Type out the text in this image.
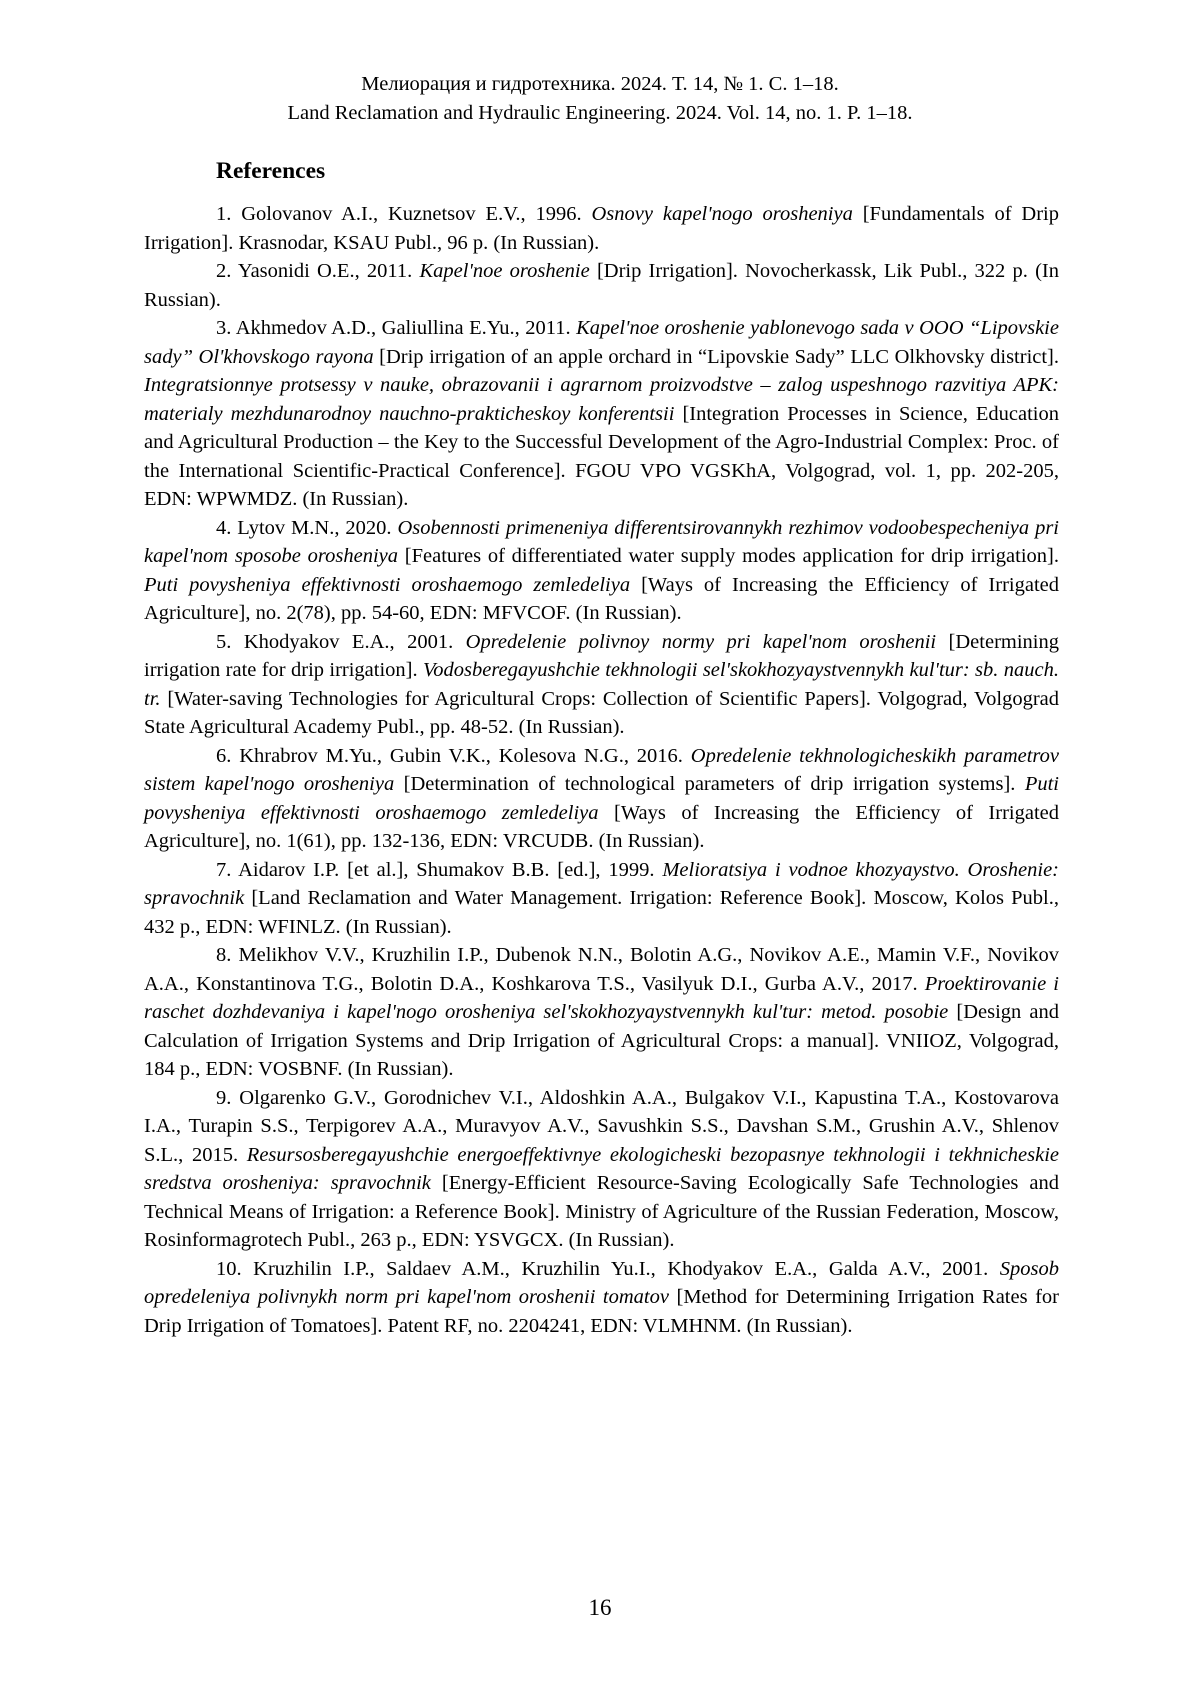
Мелиорация и гидротехника. 2024. Т. 14, № 1. С. 1–18.
Land Reclamation and Hydraulic Engineering. 2024. Vol. 14, no. 1. P. 1–18.
References

1. Golovanov A.I., Kuznetsov E.V., 1996. Osnovy kapel'nogo orosheniya [Fundamentals of Drip Irrigation]. Krasnodar, KSAU Publ., 96 p. (In Russian).

2. Yasonidi O.E., 2011. Kapel'noe oroshenie [Drip Irrigation]. Novocherkassk, Lik Publ., 322 p. (In Russian).

3. Akhmedov A.D., Galiullina E.Yu., 2011. Kapel'noe oroshenie yablonevogo sada v OOO “Lipovskie sady” Ol'khovskogo rayona [Drip irrigation of an apple orchard in “Lipovskie Sady” LLC Olkhovsky district]. Integratsionnye protsessy v nauke, obrazovanii i agrarnom proizvodstve – zalog uspeshnogo razvitiya APK: materialy mezhdunarodnoy nauchno-prakticheskoy konferentsii [Integration Processes in Science, Education and Agricultural Production – the Key to the Successful Development of the Agro-Industrial Complex: Proc. of the International Scientific-Practical Conference]. FGOU VPO VGSKhA, Volgograd, vol. 1, pp. 202-205, EDN: WPWMDZ. (In Russian).

4. Lytov M.N., 2020. Osobennosti primeneniya differentsirovannykh rezhimov vodoobespecheniya pri kapel'nom sposobe orosheniya [Features of differentiated water supply modes application for drip irrigation]. Puti povysheniya effektivnosti oroshaemogo zemledeliya [Ways of Increasing the Efficiency of Irrigated Agriculture], no. 2(78), pp. 54-60, EDN: MFVCOF. (In Russian).

5. Khodyakov E.A., 2001. Opredelenie polivnoy normy pri kapel'nom oroshenii [Determining irrigation rate for drip irrigation]. Vodosberegayushchie tekhnologii sel'skokhozyaystvennykh kul'tur: sb. nauch. tr. [Water-saving Technologies for Agricultural Crops: Collection of Scientific Papers]. Volgograd, Volgograd State Agricultural Academy Publ., pp. 48-52. (In Russian).

6. Khrabrov M.Yu., Gubin V.K., Kolesova N.G., 2016. Opredelenie tekhnologicheskikh parametrov sistem kapel'nogo orosheniya [Determination of technological parameters of drip irrigation systems]. Puti povysheniya effektivnosti oroshaemogo zemledeliya [Ways of Increasing the Efficiency of Irrigated Agriculture], no. 1(61), pp. 132-136, EDN: VRCUDB. (In Russian).

7. Aidarov I.P. [et al.], Shumakov B.B. [ed.], 1999. Melioratsiya i vodnoe khozyaystvo. Oroshenie: spravochnik [Land Reclamation and Water Management. Irrigation: Reference Book]. Moscow, Kolos Publ., 432 p., EDN: WFINLZ. (In Russian).

8. Melikhov V.V., Kruzhilin I.P., Dubenok N.N., Bolotin A.G., Novikov A.E., Mamin V.F., Novikov A.A., Konstantinova T.G., Bolotin D.A., Koshkarova T.S., Vasilyuk D.I., Gurba A.V., 2017. Proektirovanie i raschet dozhdevaniya i kapel'nogo orosheniya sel'skokhozyaystvennykh kul'tur: metod. posobie [Design and Calculation of Irrigation Systems and Drip Irrigation of Agricultural Crops: a manual]. VNIIOZ, Volgograd, 184 p., EDN: VOSBNF. (In Russian).

9. Olgarenko G.V., Gorodnichev V.I., Aldoshkin A.A., Bulgakov V.I., Kapustina T.A., Kostovarova I.A., Turapin S.S., Terpigorev A.A., Muravyov A.V., Savushkin S.S., Davshan S.M., Grushin A.V., Shlenov S.L., 2015. Resursosberegayushchie energoeffektivnye ekologicheski bezopasnye tekhnologii i tekhnicheskie sredstva orosheniya: spravochnik [Energy-Efficient Resource-Saving Ecologically Safe Technologies and Technical Means of Irrigation: a Reference Book]. Ministry of Agriculture of the Russian Federation, Moscow, Rosinformagrotech Publ., 263 p., EDN: YSVGCX. (In Russian).

10. Kruzhilin I.P., Saldaev A.M., Kruzhilin Yu.I., Khodyakov E.A., Galda A.V., 2001. Sposob opredeleniya polivnykh norm pri kapel'nom oroshenii tomatov [Method for Determining Irrigation Rates for Drip Irrigation of Tomatoes]. Patent RF, no. 2204241, EDN: VLMHNM. (In Russian).

16
